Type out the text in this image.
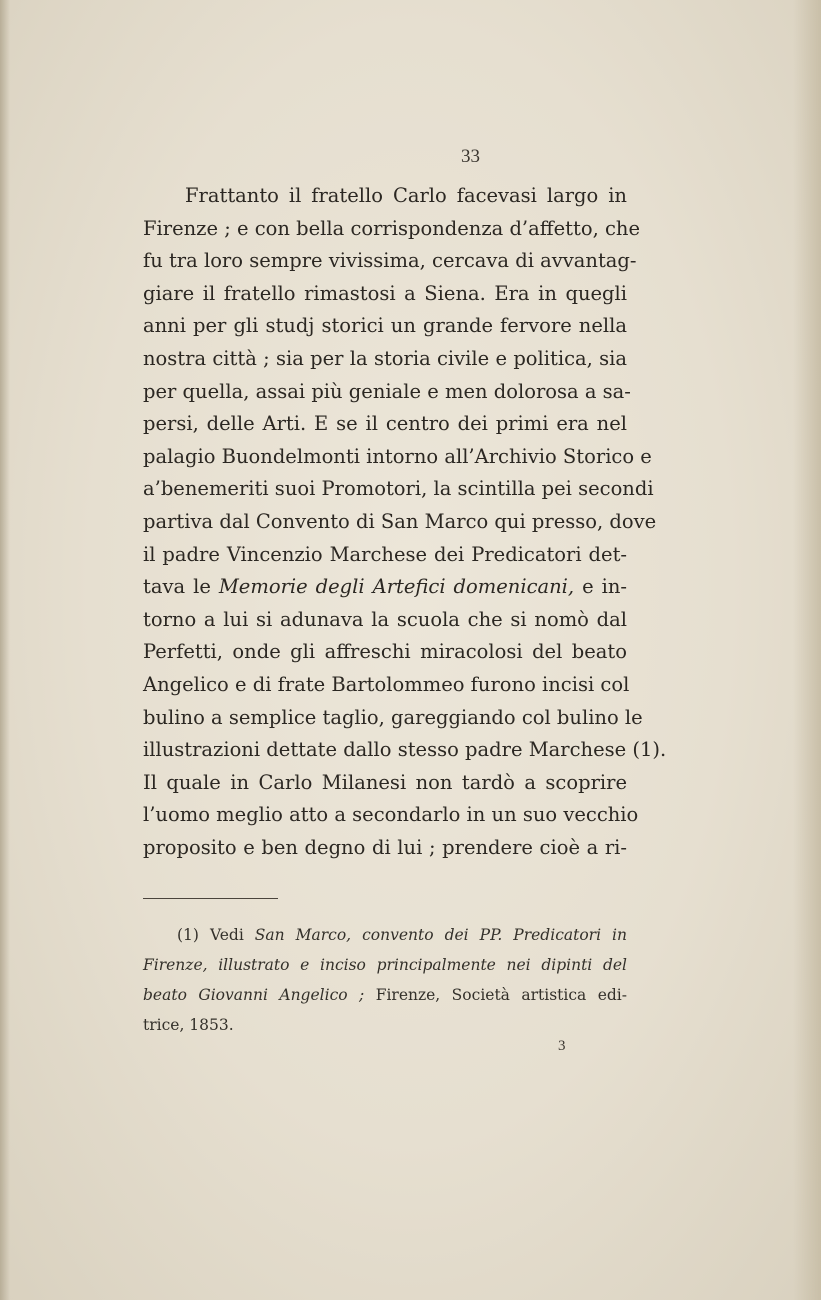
33
Frattanto il fratello Carlo facevasi largo in
Firenze ; e con bella corrispondenza d’affetto, che
fu tra loro sempre vivissima, cercava di avvantag-
giare il fratello rimastosi a Siena. Era in quegli
anni per gli studj storici un grande fervore nella
nostra città ; sia per la storia civile e politica, sia
per quella, assai più geniale e men dolorosa a sa-
persi, delle Arti. E se il centro dei primi era nel
palagio Buondelmonti intorno all’Archivio Storico e
a’benemeriti suoi Promotori, la scintilla pei secondi
partiva dal Convento di San Marco qui presso, dove
il padre Vincenzio Marchese dei Predicatori det-
tava le Memorie degli Artefici domenicani, e in-
torno a lui si adunava la scuola che si nomò dal
Perfetti, onde gli affreschi miracolosi del beato
Angelico e di frate Bartolommeo furono incisi col
bulino a semplice taglio, gareggiando col bulino le
illustrazioni dettate dallo stesso padre Marchese (1).
Il quale in Carlo Milanesi non tardò a scoprire
l’uomo meglio atto a secondarlo in un suo vecchio
proposito e ben degno di lui ; prendere cioè a ri-
(1) Vedi San Marco, convento dei PP. Predicatori in
Firenze, illustrato e inciso principalmente nei dipinti del
beato Giovanni Angelico ; Firenze, Società artistica edi-
trice, 1853.
3
